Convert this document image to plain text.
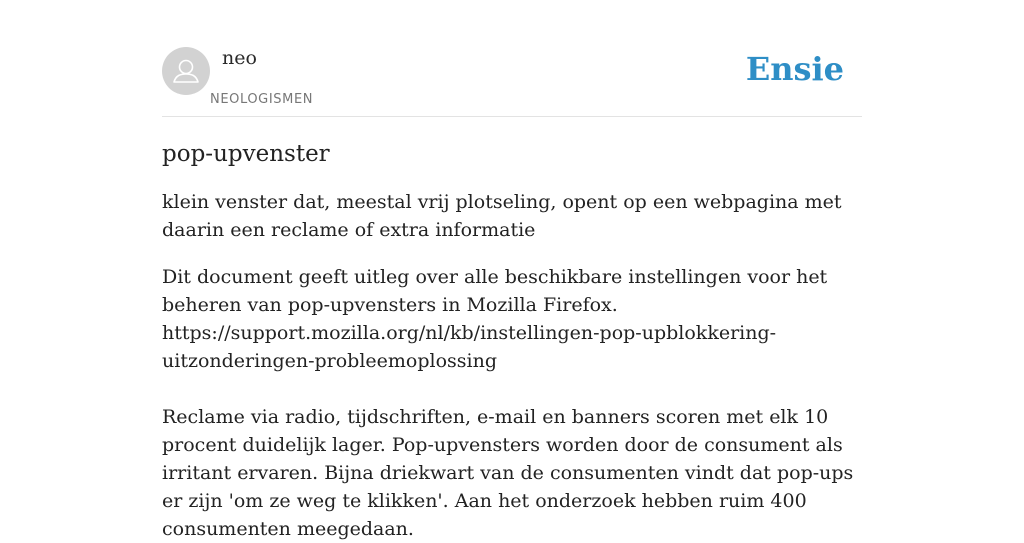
neo
NEOLOGISMEN
Ensie
pop-upvenster

klein venster dat, meestal vrij plotseling, opent op een webpagina met daarin een reclame of extra informatie

Dit document geeft uitleg over alle beschikbare instellingen voor het beheren van pop-upvensters in Mozilla Firefox.
https://support.mozilla.org/nl/kb/instellingen-pop-upblokkering-uitzonderingen-probleemoplossing

Reclame via radio, tijdschriften, e-mail en banners scoren met elk 10 procent duidelijk lager. Pop-upvensters worden door de consument als irritant ervaren. Bijna driekwart van de consumenten vindt dat pop-ups er zijn 'om ze weg te klikken'. Aan het onderzoek hebben ruim 400 consumenten meegedaan.
